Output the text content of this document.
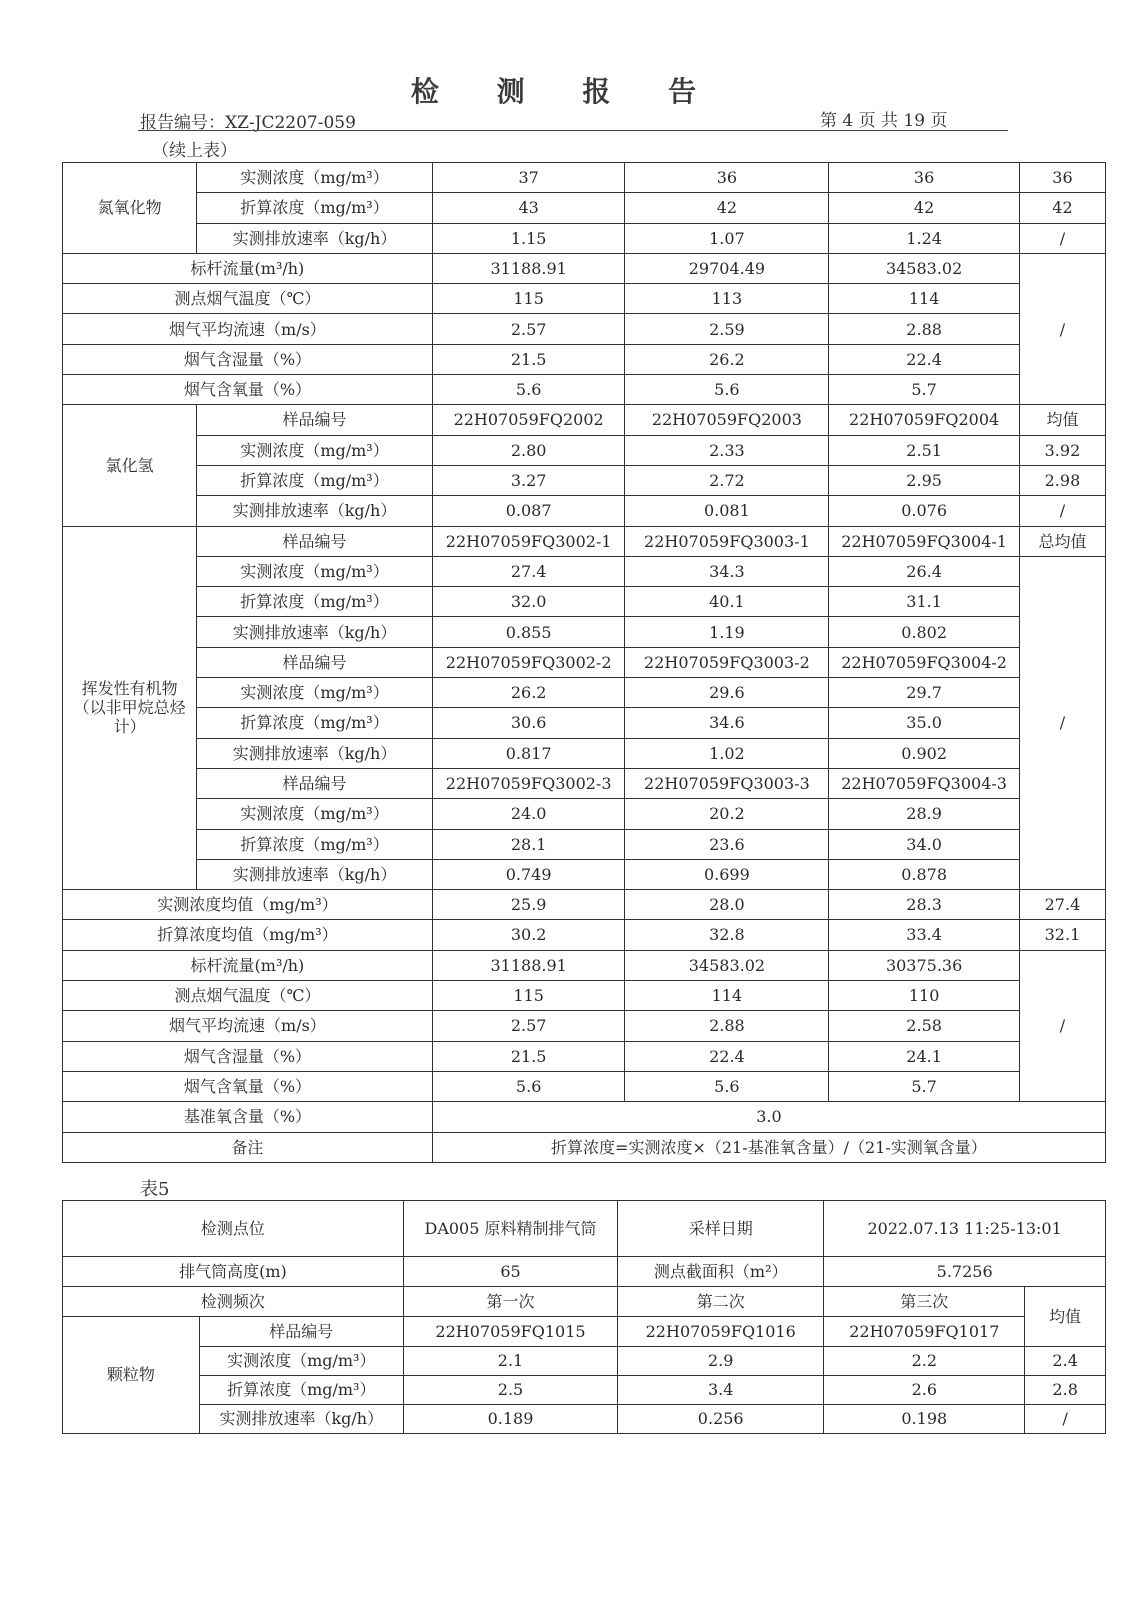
检 测 报 告
报告编号：XZ-JC2207-059	第 4 页 共 19 页
（续上表）
氮氧化物	实测浓度（mg/m³）	37	36	36	36
	折算浓度（mg/m³）	43	42	42	42
	实测排放速率（kg/h）	1.15	1.07	1.24	/
标杆流量(m³/h)		31188.91	29704.49	34583.02	/
测点烟气温度（℃）		115	113	114	
烟气平均流速（m/s）		2.57	2.59	2.88	
烟气含湿量（%）		21.5	26.2	22.4	
烟气含氧量（%）		5.6	5.6	5.7	
氯化氢	样品编号	22H07059FQ2002	22H07059FQ2003	22H07059FQ2004	均值
	实测浓度（mg/m³）	2.80	2.33	2.51	3.92
	折算浓度（mg/m³）	3.27	2.72	2.95	2.98
	实测排放速率（kg/h）	0.087	0.081	0.076	/
挥发性有机物（以非甲烷总烃计）	样品编号	22H07059FQ3002-1	22H07059FQ3003-1	22H07059FQ3004-1	总均值
	实测浓度（mg/m³）	27.4	34.3	26.4	/
	折算浓度（mg/m³）	32.0	40.1	31.1	
	实测排放速率（kg/h）	0.855	1.19	0.802	
	样品编号	22H07059FQ3002-2	22H07059FQ3003-2	22H07059FQ3004-2	
	实测浓度（mg/m³）	26.2	29.6	29.7	
	折算浓度（mg/m³）	30.6	34.6	35.0	
	实测排放速率（kg/h）	0.817	1.02	0.902	
	样品编号	22H07059FQ3002-3	22H07059FQ3003-3	22H07059FQ3004-3	
	实测浓度（mg/m³）	24.0	20.2	28.9	
	折算浓度（mg/m³）	28.1	23.6	34.0	
	实测排放速率（kg/h）	0.749	0.699	0.878	
实测浓度均值（mg/m³）		25.9	28.0	28.3	27.4
折算浓度均值（mg/m³）		30.2	32.8	33.4	32.1
标杆流量(m³/h)		31188.91	34583.02	30375.36	/
测点烟气温度（℃）		115	114	110	
烟气平均流速（m/s）		2.57	2.88	2.58	
烟气含湿量（%）		21.5	22.4	24.1	
烟气含氧量（%）		5.6	5.6	5.7	
基准氧含量（%）		3.0			
备注		折算浓度=实测浓度×（21-基准氧含量）/（21-实测氧含量）			
表5
检测点位		DA005 原料精制排气筒	采样日期	2022.07.13 11:25-13:01	
排气筒高度(m)		65	测点截面积（m²）	5.7256	
检测频次		第一次	第二次	第三次	均值
颗粒物	样品编号	22H07059FQ1015	22H07059FQ1016	22H07059FQ1017	
	实测浓度（mg/m³）	2.1	2.9	2.2	2.4
	折算浓度（mg/m³）	2.5	3.4	2.6	2.8
	实测排放速率（kg/h）	0.189	0.256	0.198	/
